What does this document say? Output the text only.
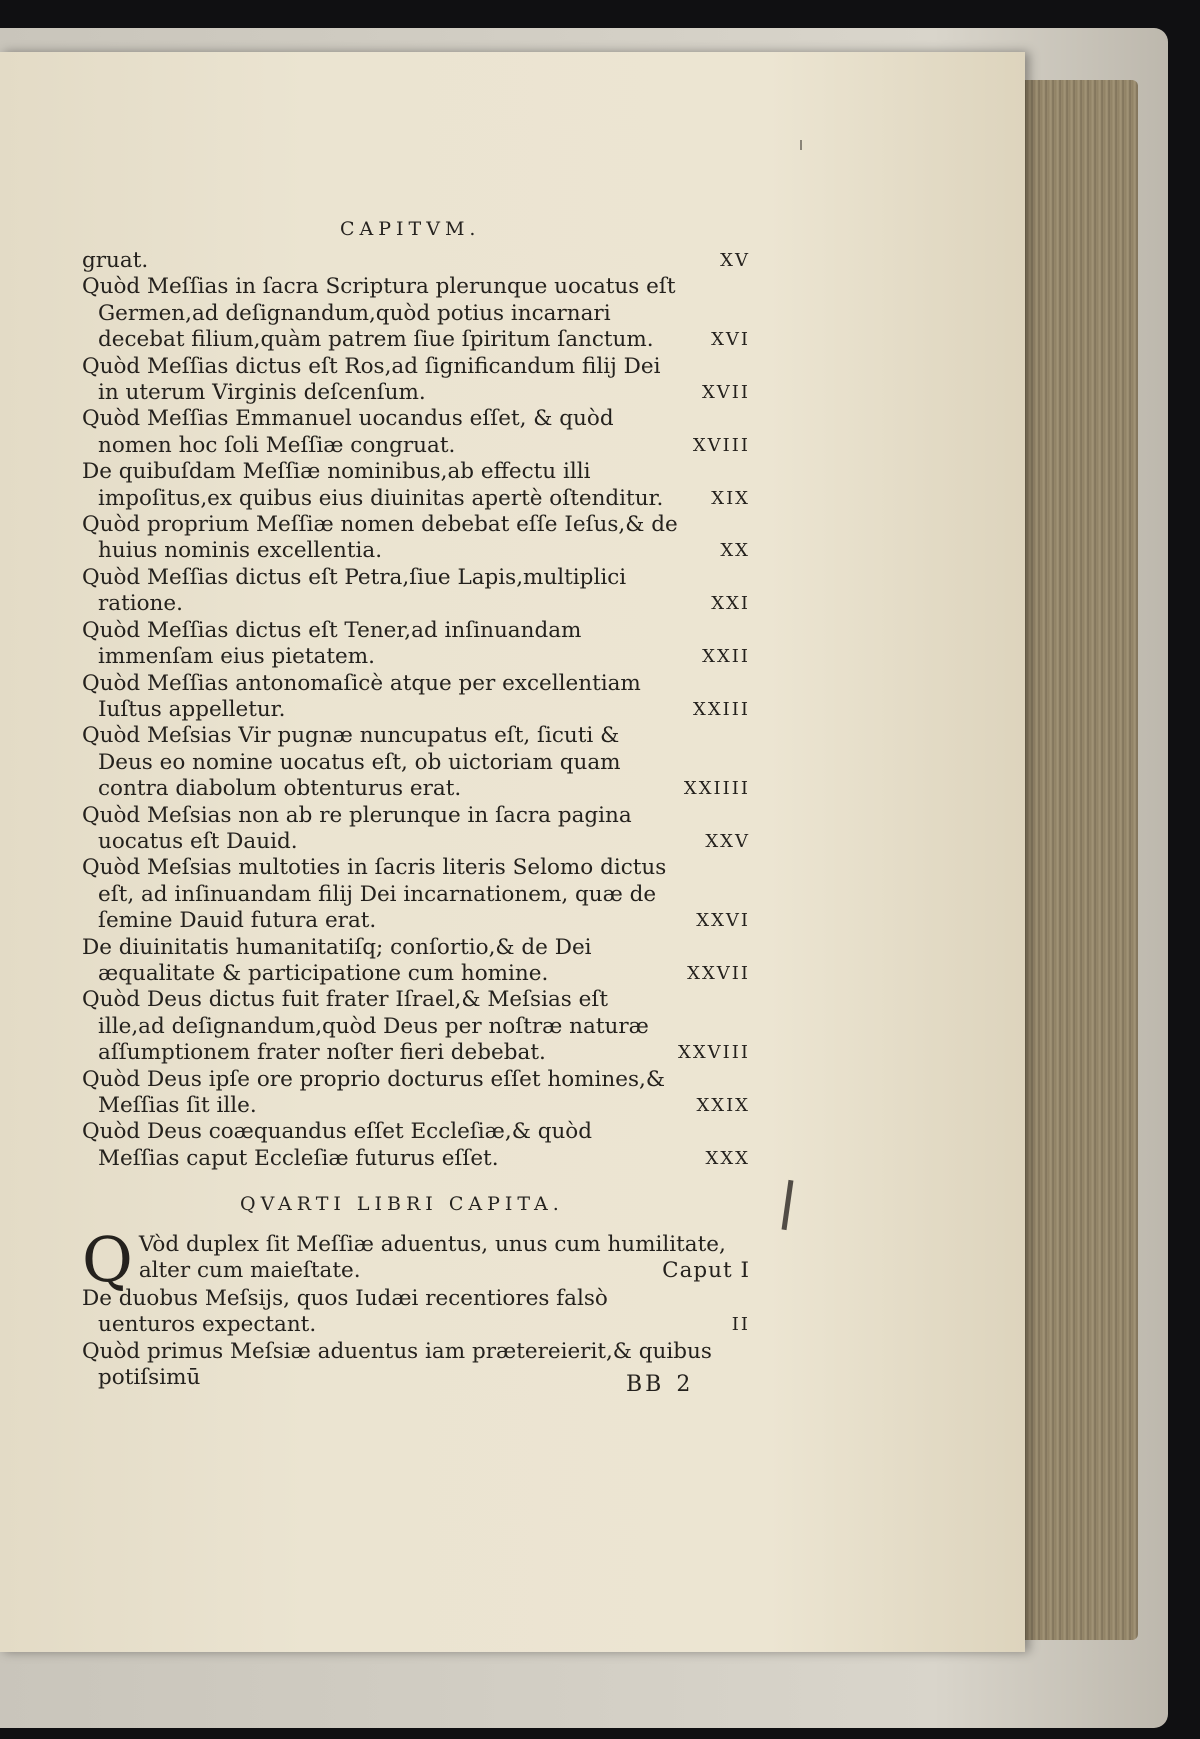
CAPITVM.
gruat.	XV
Quòd Meſſias in ſacra Scriptura plerunque uocatus eſt Germen,ad deſignandum,quòd potius incarnari decebat filium,quàm patrem ſiue ſpiritum ſanctum.	XVI
Quòd Meſſias dictus eſt Ros,ad ſignificandum filij Dei in uterum Virginis deſcenſum.	XVII
Quòd Meſſias Emmanuel uocandus eſſet, & quòd nomen hoc ſoli Meſſiæ congruat.	XVIII
De quibuſdam Meſſiæ nominibus,ab effectu illi impoſitus,ex quibus eius diuinitas apertè oſtenditur.	XIX
Quòd proprium Meſſiæ nomen debebat eſſe Ieſus,& de huius nominis excellentia.	XX
Quòd Meſſias dictus eſt Petra,ſiue Lapis,multiplici ratione.	XXI
Quòd Meſſias dictus eſt Tener,ad inſinuandam immenſam eius pietatem.	XXII
Quòd Meſſias antonomaſicè atque per excellentiam Iuſtus appelletur.	XXIII
Quòd Meſsias Vir pugnæ nuncupatus eſt, ſicuti & Deus eo nomine uocatus eſt, ob uictoriam quam contra diabolum obtenturus erat.	XXIIII
Quòd Meſsias non ab re plerunque in ſacra pagina uocatus eſt Dauid.	XXV
Quòd Meſsias multoties in ſacris literis Selomo dictus eſt, ad inſinuandam filij Dei incarnationem, quæ de ſemine Dauid futura erat.	XXVI
De diuinitatis humanitatiſq; conſortio,& de Dei æqualitate & participatione cum homine.	XXVII
Quòd Deus dictus fuit frater Iſrael,& Meſsias eſt ille,ad deſignandum,quòd Deus per noſtræ naturæ aſſumptionem frater noſter fieri debebat.	XXVIII
Quòd Deus ipſe ore proprio docturus eſſet homines,& Meſſias ſit ille.	XXIX
Quòd Deus coæquandus eſſet Eccleſiæ,& quòd Meſſias caput Eccleſiæ futurus eſſet.	XXX
QVARTI LIBRI CAPITA.
Q Vòd duplex ſit Meſſiæ aduentus, unus cum humilitate, alter cum maieſtate.	Caput I
De duobus Meſsijs, quos Iudæi recentiores falsò uenturos expectant.	II
Quòd primus Meſsiæ aduentus iam prætereierit,& quibus potiſsimū	BB 2
